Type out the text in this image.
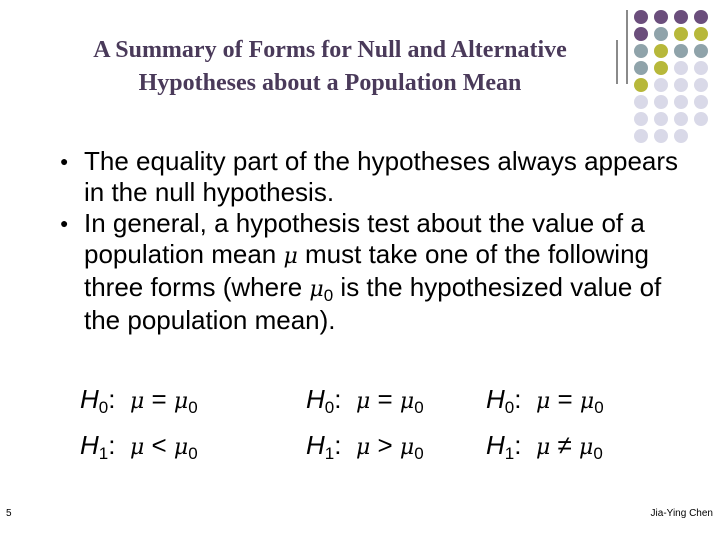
A Summary of Forms for Null and Alternative
Hypotheses about a Population Mean
● The equality part of the hypotheses always appears in the null hypothesis.
● In general, a hypothesis test about the value of a population mean μ must take one of the following three forms (where $\mu_0$ is the hypothesized value of the population mean).
$H_0$: $\mu = \mu_0$
$H_1$: $\mu < \mu_0$
$H_0$: $\mu = \mu_0$
$H_1$: $\mu > \mu_0$
$H_0$: $\mu = \mu_0$
$H_1$: $\mu \ne \mu_0$
5	Jia-Ying Chen
